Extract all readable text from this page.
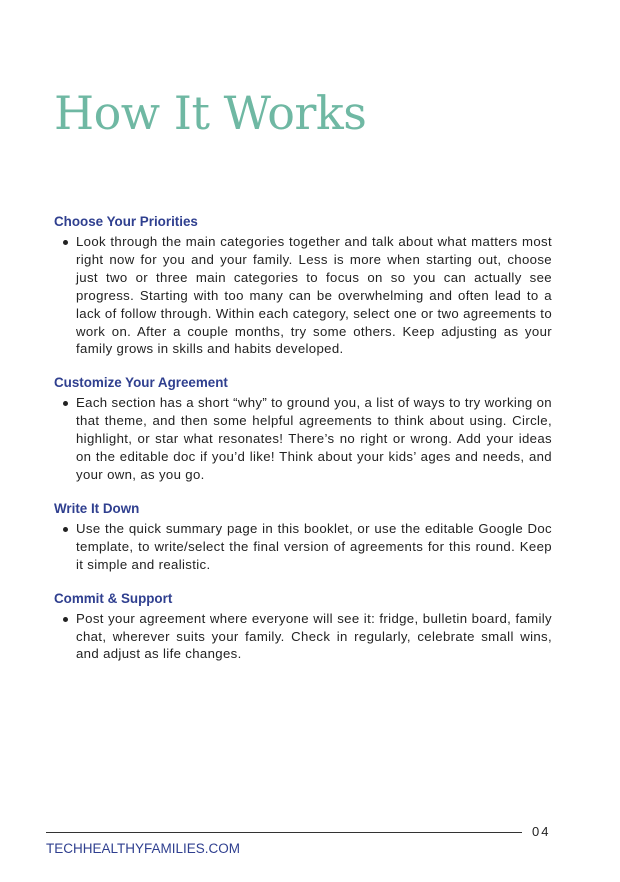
How It Works
Choose Your Priorities
Look through the main categories together and talk about what matters most right now for you and your family. Less is more when starting out, choose just two or three main categories to focus on so you can actually see progress. Starting with too many can be overwhelming and often lead to a lack of follow through. Within each category, select one or two agreements to work on. After a couple months, try some others. Keep adjusting as your family grows in skills and habits developed.
Customize Your Agreement
Each section has a short “why” to ground you, a list of ways to try working on that theme, and then some helpful agreements to think about using. Circle, highlight, or star what resonates! There’s no right or wrong. Add your ideas on the editable doc if you’d like! Think about your kids’ ages and needs, and your own, as you go.
Write It Down
Use the quick summary page in this booklet, or use the editable Google Doc template, to write/select the final version of agreements for this round. Keep it simple and realistic.
Commit & Support
Post your agreement where everyone will see it: fridge, bulletin board, family chat, wherever suits your family. Check in regularly, celebrate small wins, and adjust as life changes.
04
TECHHEALTHYFAMILIES.COM
